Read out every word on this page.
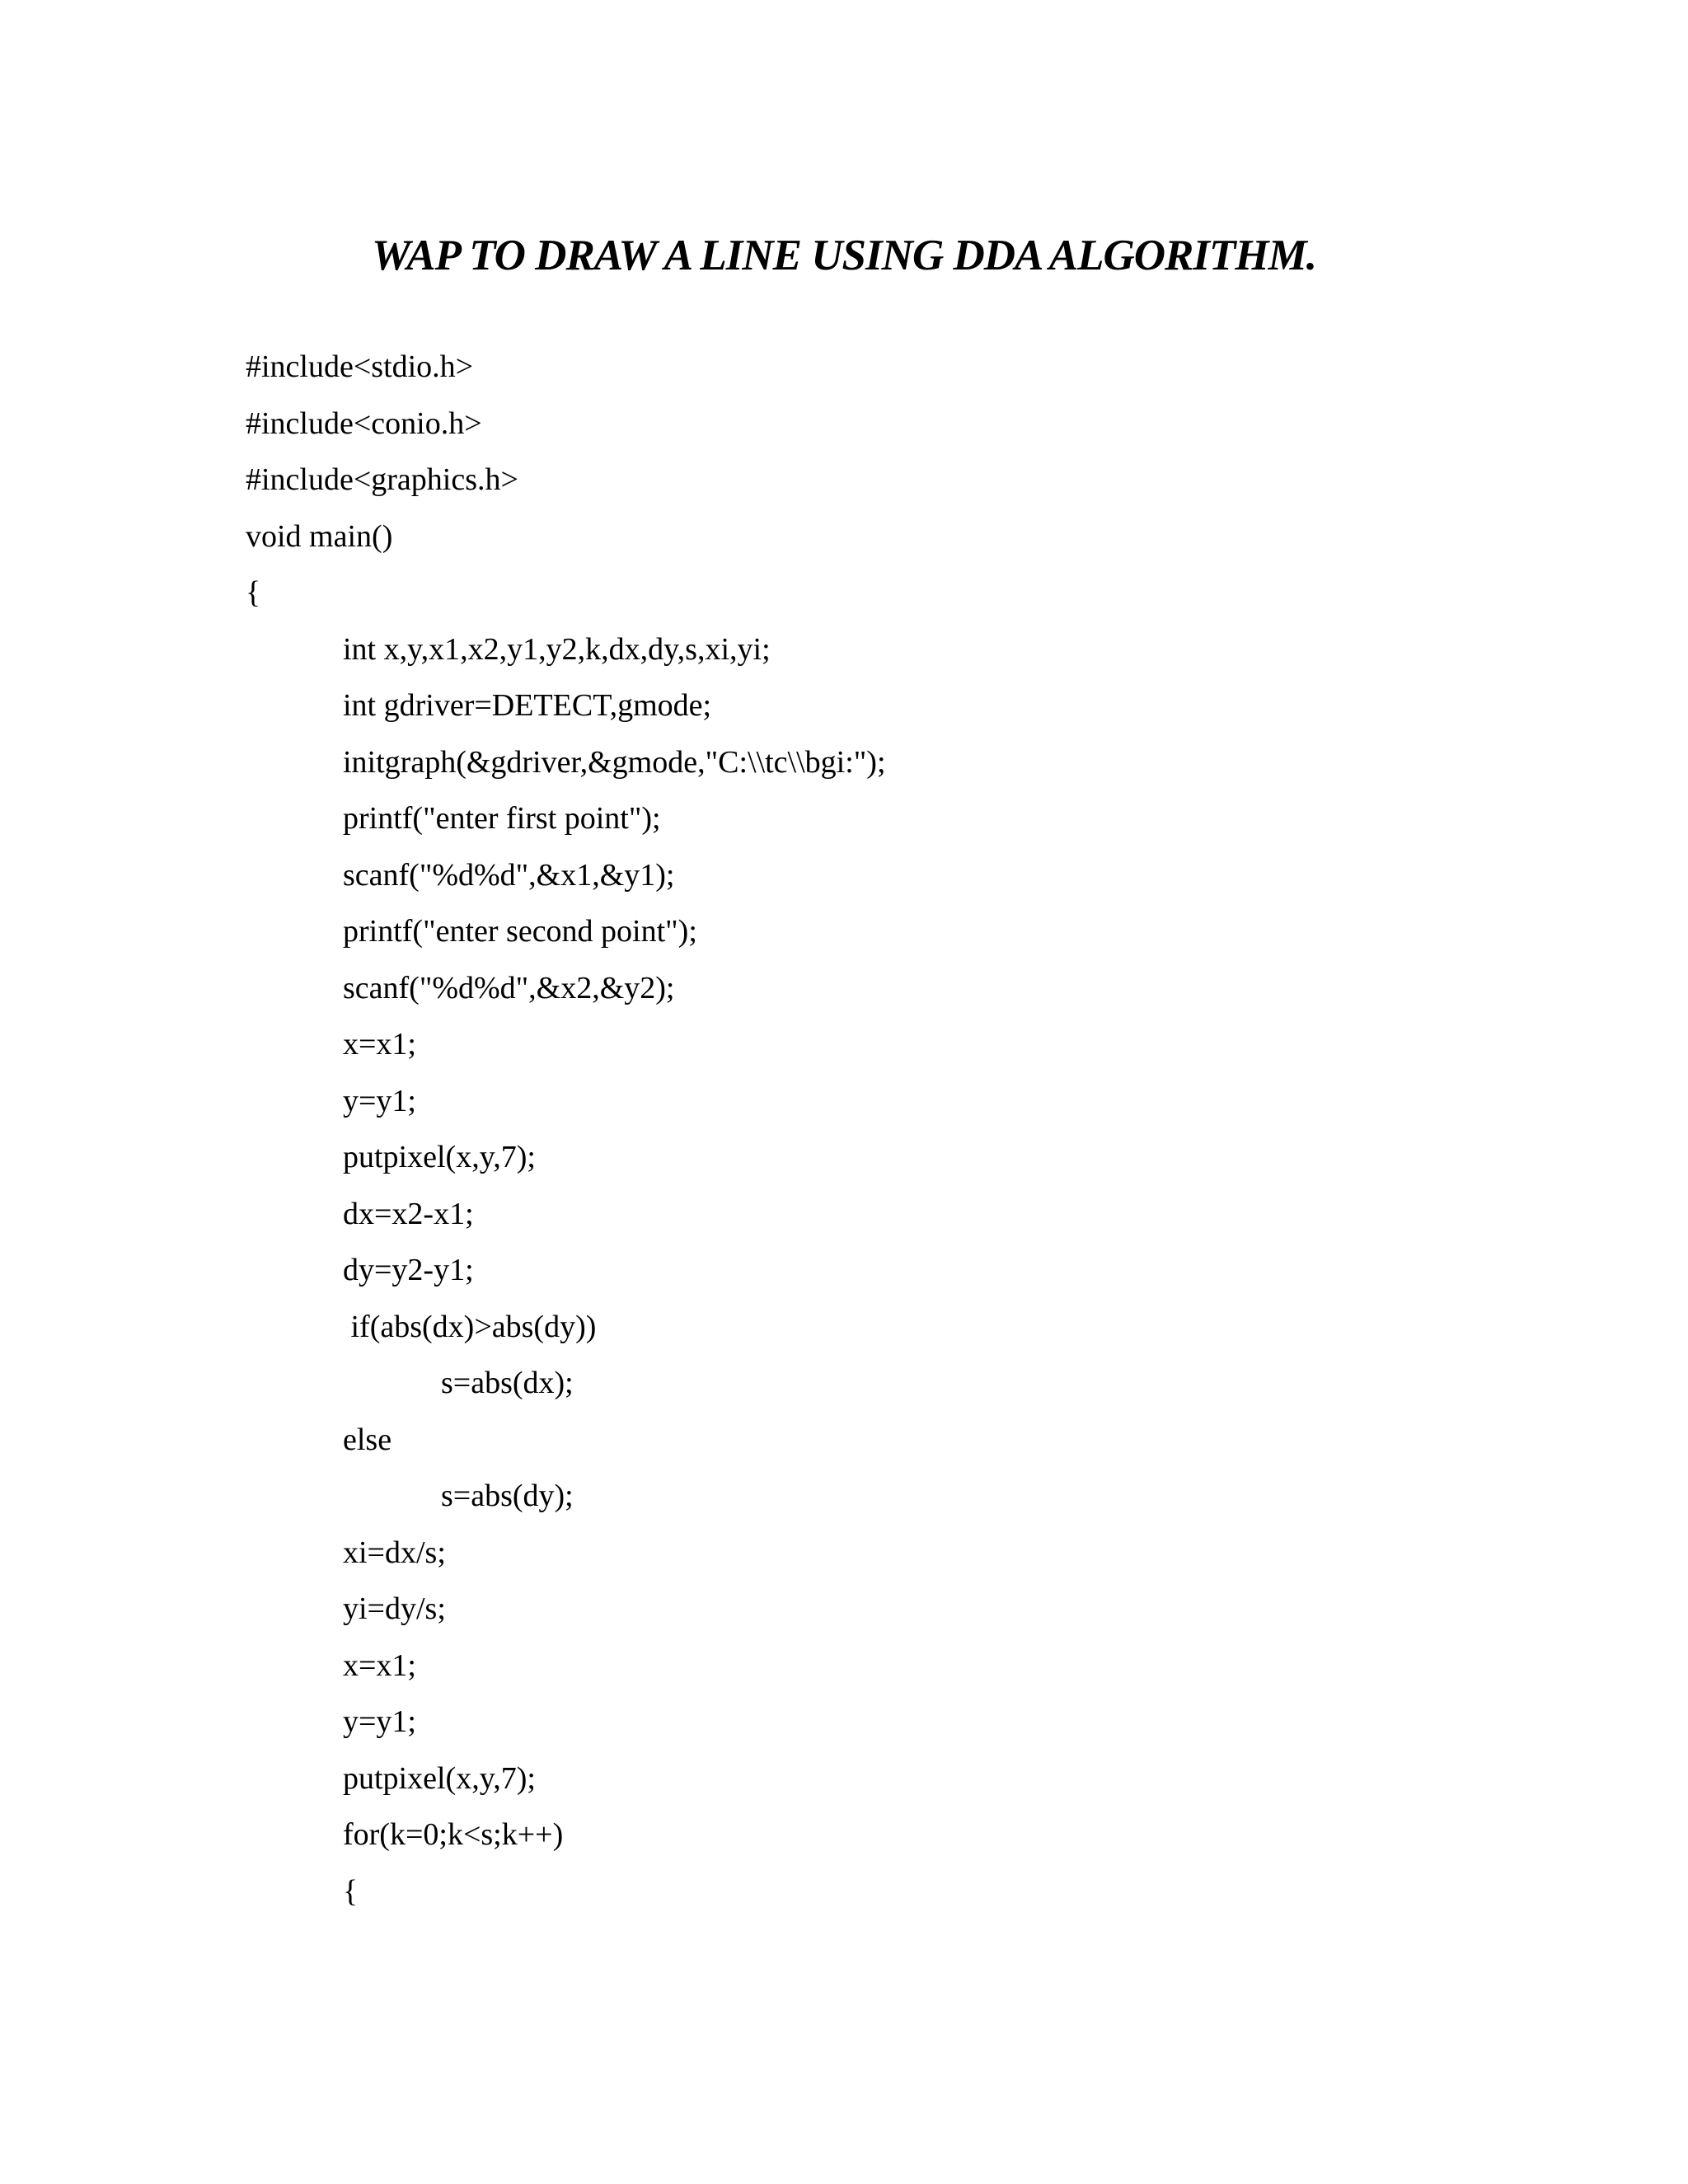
WAP TO DRAW A LINE USING DDA ALGORITHM.
#include<stdio.h>
#include<conio.h>
#include<graphics.h>
void main()
{
int x,y,x1,x2,y1,y2,k,dx,dy,s,xi,yi;
int gdriver=DETECT,gmode;
initgraph(&gdriver,&gmode,"C:\\tc\\bgi:");
printf("enter first point");
scanf("%d%d",&x1,&y1);
printf("enter second point");
scanf("%d%d",&x2,&y2);
x=x1;
y=y1;
putpixel(x,y,7);
dx=x2-x1;
dy=y2-y1;
if(abs(dx)>abs(dy))
s=abs(dx);
else
s=abs(dy);
xi=dx/s;
yi=dy/s;
x=x1;
y=y1;
putpixel(x,y,7);
for(k=0;k<s;k++)
{
